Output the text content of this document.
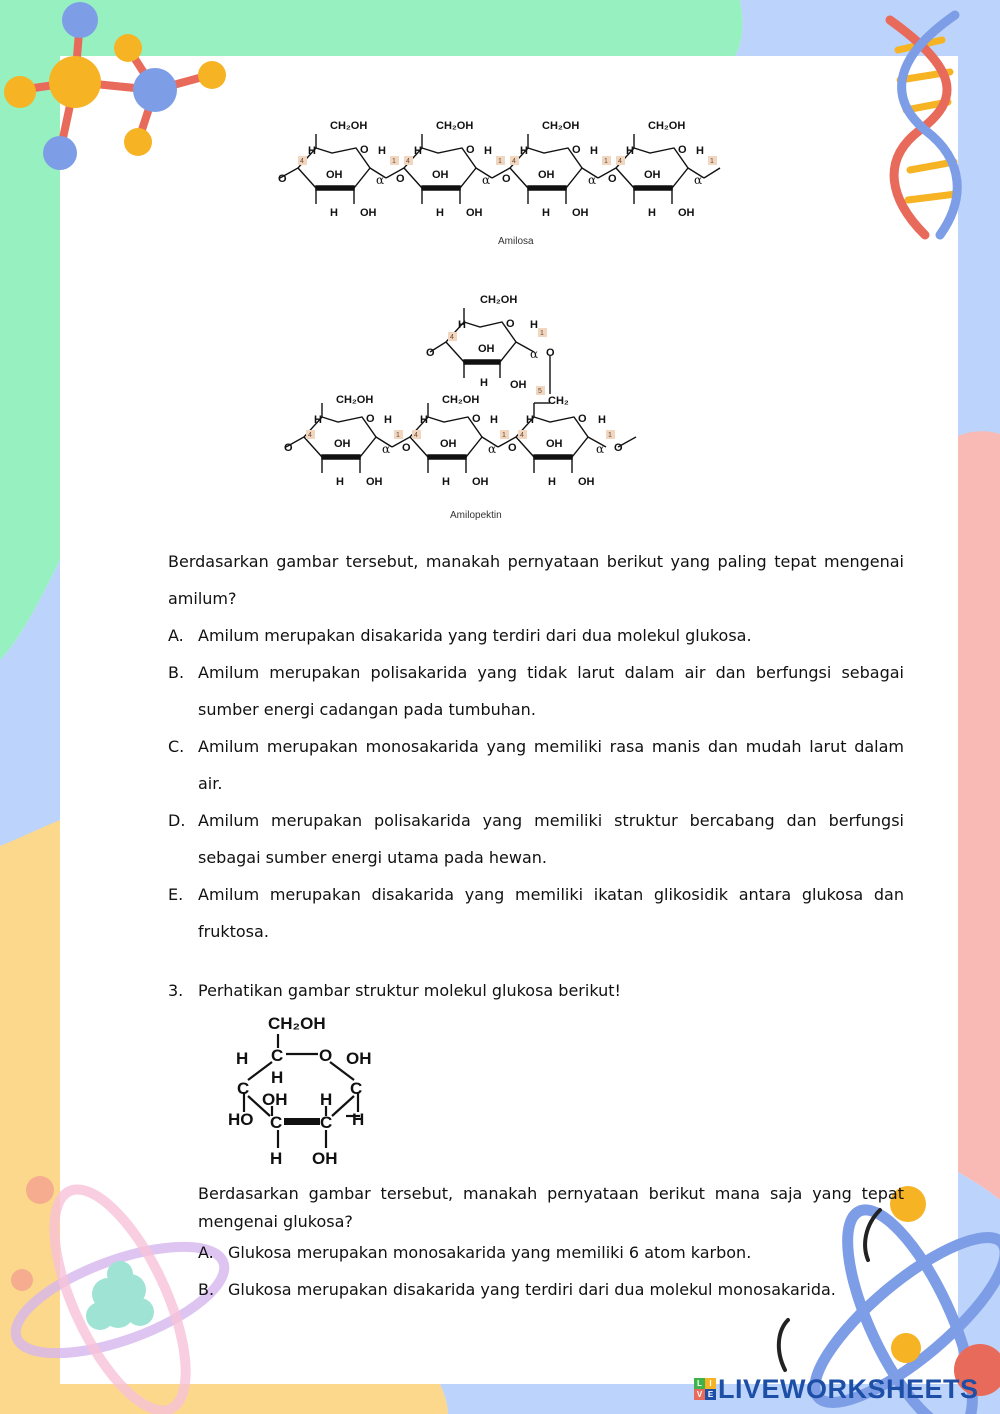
CH₂OH	CH₂OH	CH₂OH	CH₂OH
O	O	O	O
O	O	O	O
OH	OH	OH	OH
OH	OH	OH	OH
H	H	H	H
H	H	H	H
H	H	H	H
α	α	α	α
4	1 4	1 4	1 4	1
Amilosa
CH₂OH
O
O	O
OH
OH
H
H	H
α
4
1
5
CH₂
CH₂OH	CH₂OH
O	O	O
O	O	O	O
OH	OH	OH
OH	OH	OH
H	H	H
H	H	H
H	H	H
α	α	α
4	1 4	1 4	1
Amilopektin
Berdasarkan gambar tersebut, manakah pernyataan berikut yang paling tepat mengenai amilum?
A. Amilum merupakan disakarida yang terdiri dari dua molekul glukosa.
B. Amilum merupakan polisakarida yang tidak larut dalam air dan berfungsi sebagai sumber energi cadangan pada tumbuhan.
C. Amilum merupakan monosakarida yang memiliki rasa manis dan mudah larut dalam air.
D. Amilum merupakan polisakarida yang memiliki struktur bercabang dan berfungsi sebagai sumber energi utama pada hewan.
E. Amilum merupakan disakarida yang memiliki ikatan glikosidik antara glukosa dan fruktosa.
3. Perhatikan gambar struktur molekul glukosa berikut!
CH₂OH
H C O OH
H
C	C
OH H
HO C C H
H OH
Berdasarkan gambar tersebut, manakah pernyataan berikut mana saja yang tepat mengenai glukosa?
A. Glukosa merupakan monosakarida yang memiliki 6 atom karbon.
B. Glukosa merupakan disakarida yang terdiri dari dua molekul monosakarida.
L I
V E LIVEWORKSHEETS
